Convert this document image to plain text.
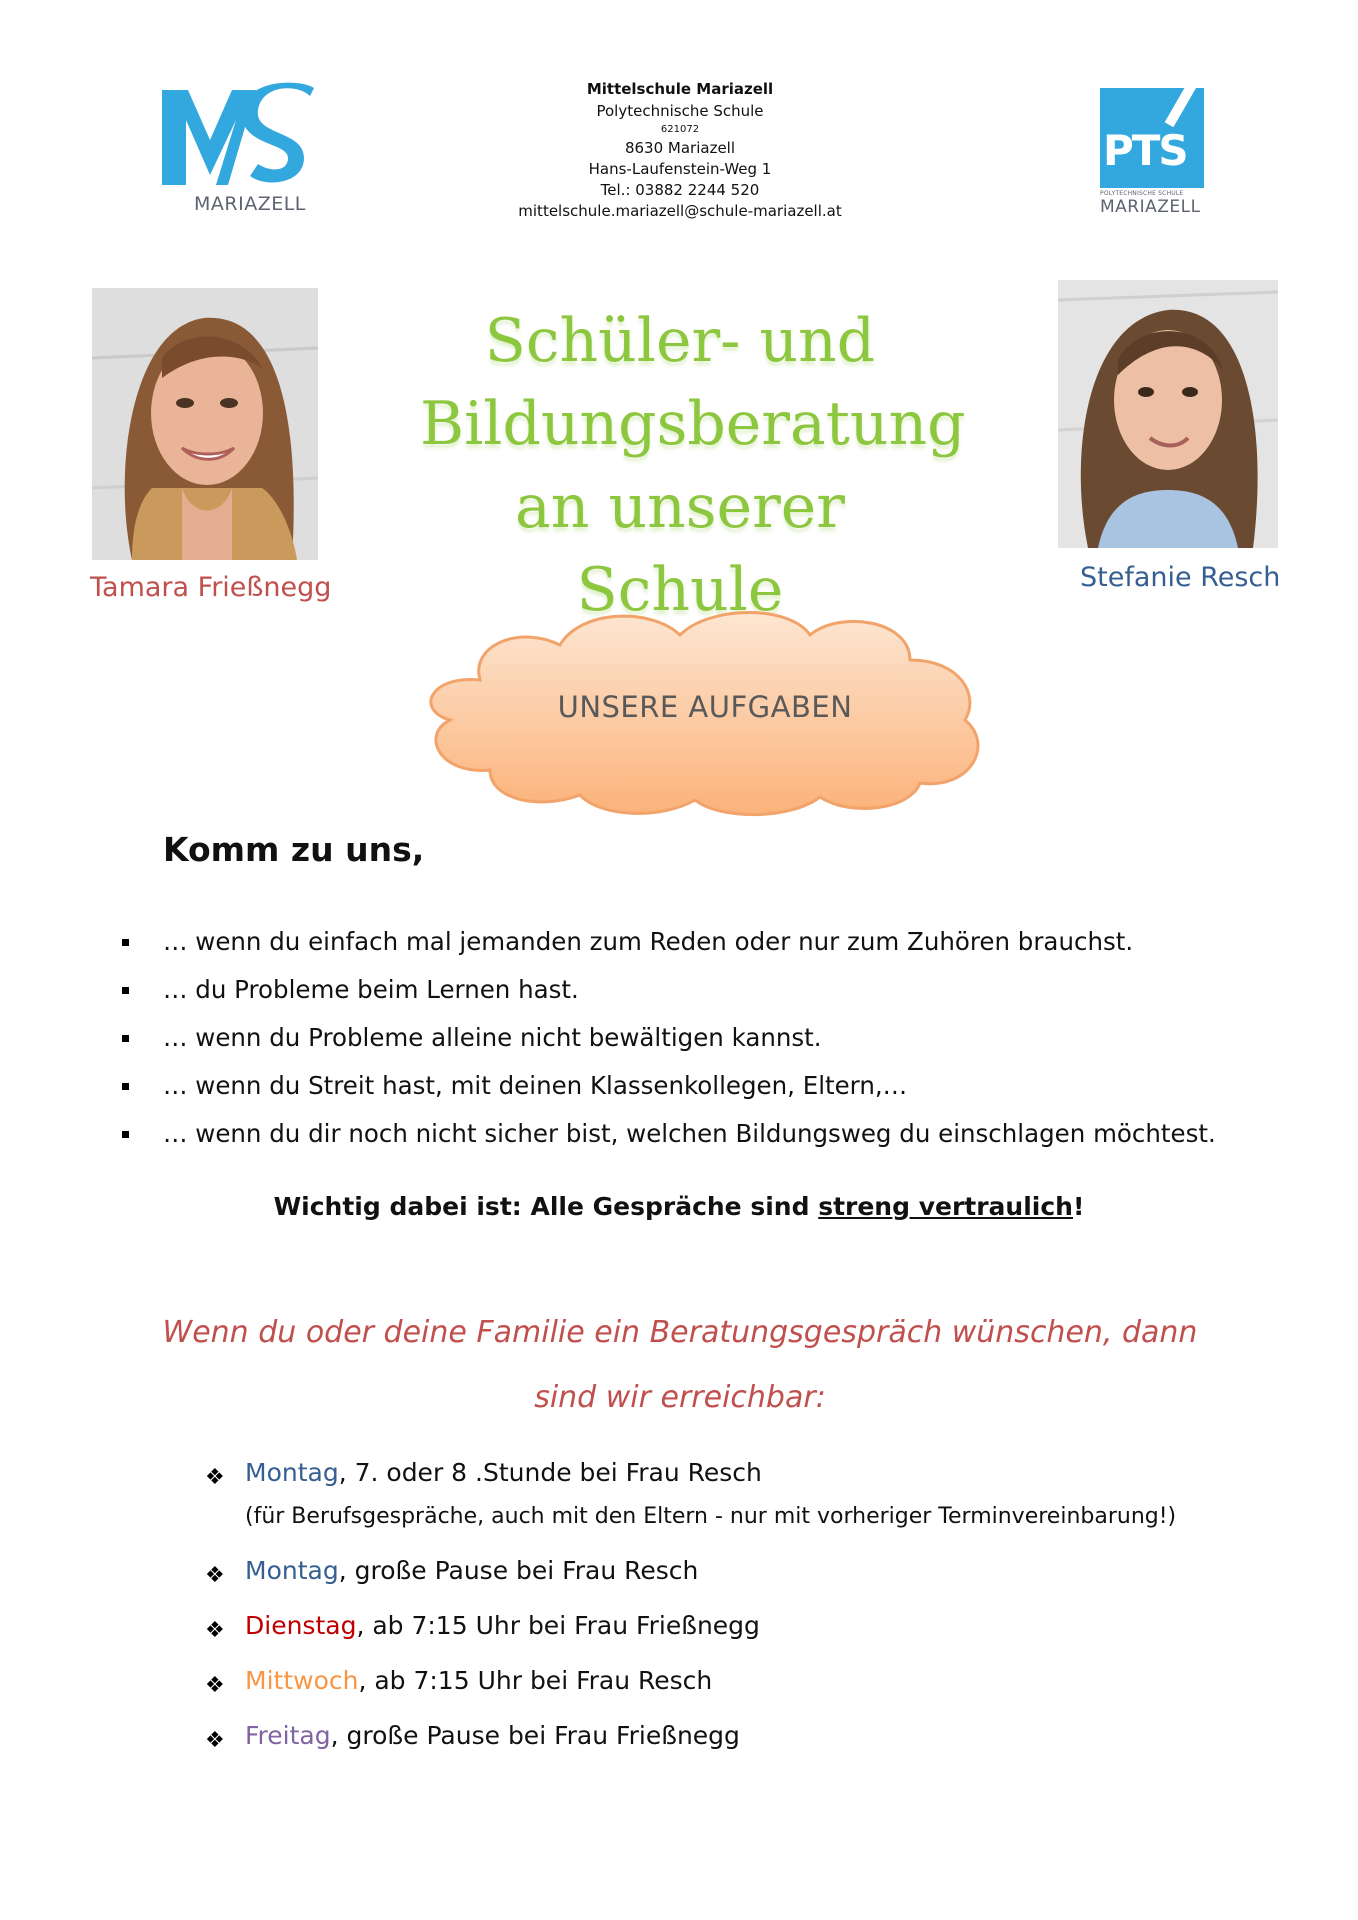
MARIAZELL
Mittelschule Mariazell
Polytechnische Schule
621072
8630 Mariazell
Hans-Laufenstein-Weg 1
Tel.: 03882 2244 520
mittelschule.mariazell@schule-mariazell.at
PTS
POLYTECHNISCHE SCHULE
MARIAZELL
Tamara Frießnegg
Schüler- und
Bildungsberatung
an unserer Schule	Stefanie Resch
UNSERE AUFGABEN
Komm zu uns,
… wenn du einfach mal jemanden zum Reden oder nur zum Zuhören brauchst.
… du Probleme beim Lernen hast.
… wenn du Probleme alleine nicht bewältigen kannst.
… wenn du Streit hast, mit deinen Klassenkollegen, Eltern,…
… wenn du dir noch nicht sicher bist, welchen Bildungsweg du einschlagen möchtest.
Wichtig dabei ist: Alle Gespräche sind streng vertraulich!
Wenn du oder deine Familie ein Beratungsgespräch wünschen, dann
sind wir erreichbar:
❖ Montag, 7. oder 8 .Stunde bei Frau Resch
(für Berufsgespräche, auch mit den Eltern - nur mit vorheriger Terminvereinbarung!)
❖ Montag, große Pause bei Frau Resch
❖ Dienstag, ab 7:15 Uhr bei Frau Frießnegg
❖ Mittwoch, ab 7:15 Uhr bei Frau Resch
❖ Freitag, große Pause bei Frau Frießnegg
